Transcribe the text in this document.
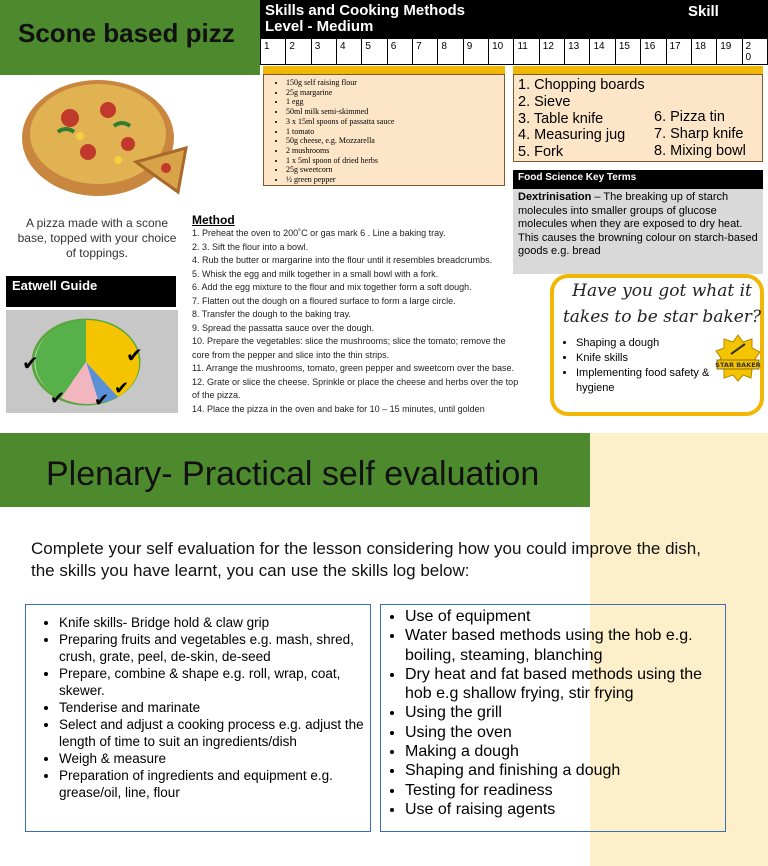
Scone based pizz
Skills and Cooking Methods
Level - Medium
Skill
1	2	3	4	5	6	7	8	9	10	11	12	13	14	15	16	17	18	19	2
0
A pizza made with a scone base, topped with your choice of toppings.
• 150g self raising flour
• 25g margarine
• 1 egg
• 50ml milk semi-skimmed
• 3 x 15ml spoons of passatta sauce
• 1 tomato
• 50g cheese, e.g. Mozzarella
• 2 mushrooms
• 1 x 5ml spoon of dried herbs
• 25g sweetcorn
• ½ green pepper
1. Chopping boards
2. Sieve
3. Table knife
4. Measuring jug
5. Fork
6. Pizza tin
7. Sharp knife
8. Mixing bowl
Food Science Key Terms
Dextrinisation – The breaking up of starch molecules into smaller groups of glucose molecules when they are exposed to dry heat. This causes the browning colour on starch-based goods e.g. bread
Method
1. Preheat the oven to 200˚C or gas mark 6 . Line a baking tray.
2. 3. Sift the flour into a bowl.
4. Rub the butter or margarine into the flour until it resembles breadcrumbs.
5. Whisk the egg and milk together in a small bowl with a fork.
6. Add the egg mixture to the flour and mix together form a soft dough.
7. Flatten out the dough on a floured surface to form a large circle.
8. Transfer the dough to the baking tray.
9. Spread the passatta sauce over the dough.
10. Prepare the vegetables: slice the mushrooms; slice the tomato; remove the core from the pepper and slice into the thin strips.
11. Arrange the mushrooms, tomato, green pepper and sweetcorn over the base.
12. Grate or slice the cheese. Sprinkle or place the cheese and herbs over the top of the pizza.
14. Place the pizza in the oven and bake for 10 – 15 minutes, until golden
Eatwell Guide
✔	✔
✔ ✔
✔
Have you got what it takes to be star baker?
• Shaping a dough
• Knife skills
• Implementing food safety & hygiene
STAR BAKER
Plenary- Practical self evaluation
Complete your self evaluation for the lesson considering how you could improve the dish, the skills you have learnt, you can use the skills log below:
• Knife skills- Bridge hold & claw grip
• Preparing fruits and vegetables e.g. mash, shred, crush, grate, peel, de-skin, de-seed
• Prepare, combine & shape e.g. roll, wrap, coat, skewer.
• Tenderise and marinate
• Select and adjust a cooking process e.g. adjust the length of time to suit an ingredients/dish
• Weigh & measure
• Preparation of ingredients and equipment e.g. grease/oil, line, flour
• Use of equipment
• Water based methods using the hob e.g. boiling, steaming, blanching
• Dry heat and fat based methods using the hob e.g shallow frying, stir frying
• Using the grill
• Using the oven
• Making a dough
• Shaping and finishing a dough
• Testing for readiness
• Use of raising agents
